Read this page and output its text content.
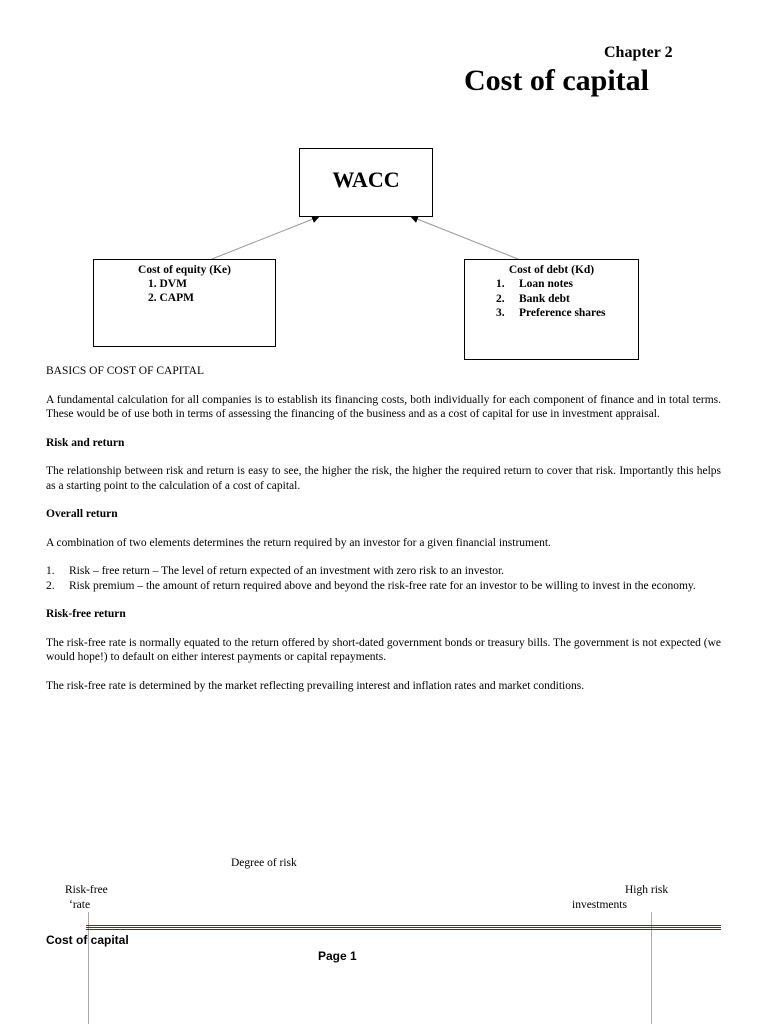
Chapter 2
Cost of capital
WACC
Cost of equity (Ke)
1. DVM
2. CAPM
Cost of debt (Kd)
1. Loan notes
2. Bank debt
3. Preference shares
BASICS OF COST OF CAPITAL

A fundamental calculation for all companies is to establish its financing costs, both individually for each component of finance and in total terms. These would be of use both in terms of assessing the financing of the business and as a cost of capital for use in investment appraisal.

Risk and return

The relationship between risk and return is easy to see, the higher the risk, the higher the required return to cover that risk. Importantly this helps as a starting point to the calculation of a cost of capital.

Overall return

A combination of two elements determines the return required by an investor for a given financial instrument.

1.	Risk – free return – The level of return expected of an investment with zero risk to an investor.
2.	Risk premium – the amount of return required above and beyond the risk-free rate for an investor to be willing to invest in the economy.
Risk-free return

The risk-free rate is normally equated to the return offered by short-dated government bonds or treasury bills. The government is not expected (we would hope!) to default on either interest payments or capital repayments.

The risk-free rate is determined by the market reflecting prevailing interest and inflation rates and market conditions.

Degree of risk
Risk-free
‘rate
High risk
investments
Cost of capital
Page 1
